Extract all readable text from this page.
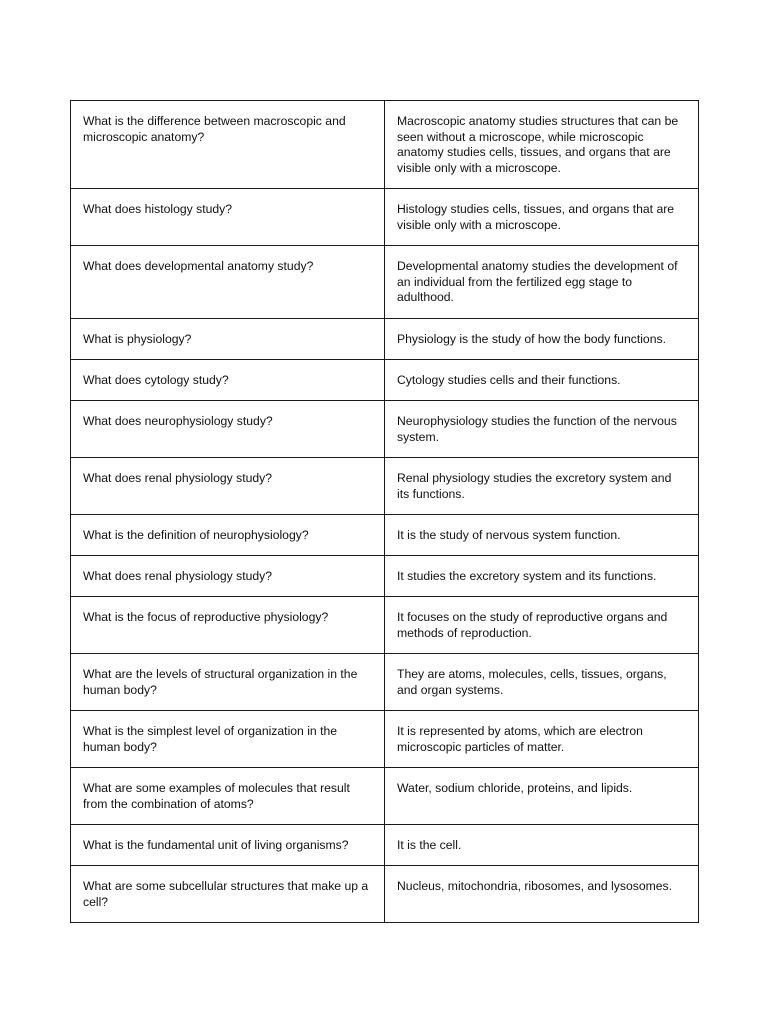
What is the difference between macroscopic and microscopic anatomy?	Macroscopic anatomy studies structures that can be seen without a microscope, while microscopic anatomy studies cells, tissues, and organs that are visible only with a microscope.
What does histology study?	Histology studies cells, tissues, and organs that are visible only with a microscope.
What does developmental anatomy study?	Developmental anatomy studies the development of an individual from the fertilized egg stage to adulthood.
What is physiology?	Physiology is the study of how the body functions.
What does cytology study?	Cytology studies cells and their functions.
What does neurophysiology study?	Neurophysiology studies the function of the nervous system.
What does renal physiology study?	Renal physiology studies the excretory system and its functions.
What is the definition of neurophysiology?	It is the study of nervous system function.
What does renal physiology study?	It studies the excretory system and its functions.
What is the focus of reproductive physiology?	It focuses on the study of reproductive organs and methods of reproduction.
What are the levels of structural organization in the human body?	They are atoms, molecules, cells, tissues, organs, and organ systems.
What is the simplest level of organization in the human body?	It is represented by atoms, which are electron microscopic particles of matter.
What are some examples of molecules that result from the combination of atoms?	Water, sodium chloride, proteins, and lipids.
What is the fundamental unit of living organisms?	It is the cell.
What are some subcellular structures that make up a cell?	Nucleus, mitochondria, ribosomes, and lysosomes.
